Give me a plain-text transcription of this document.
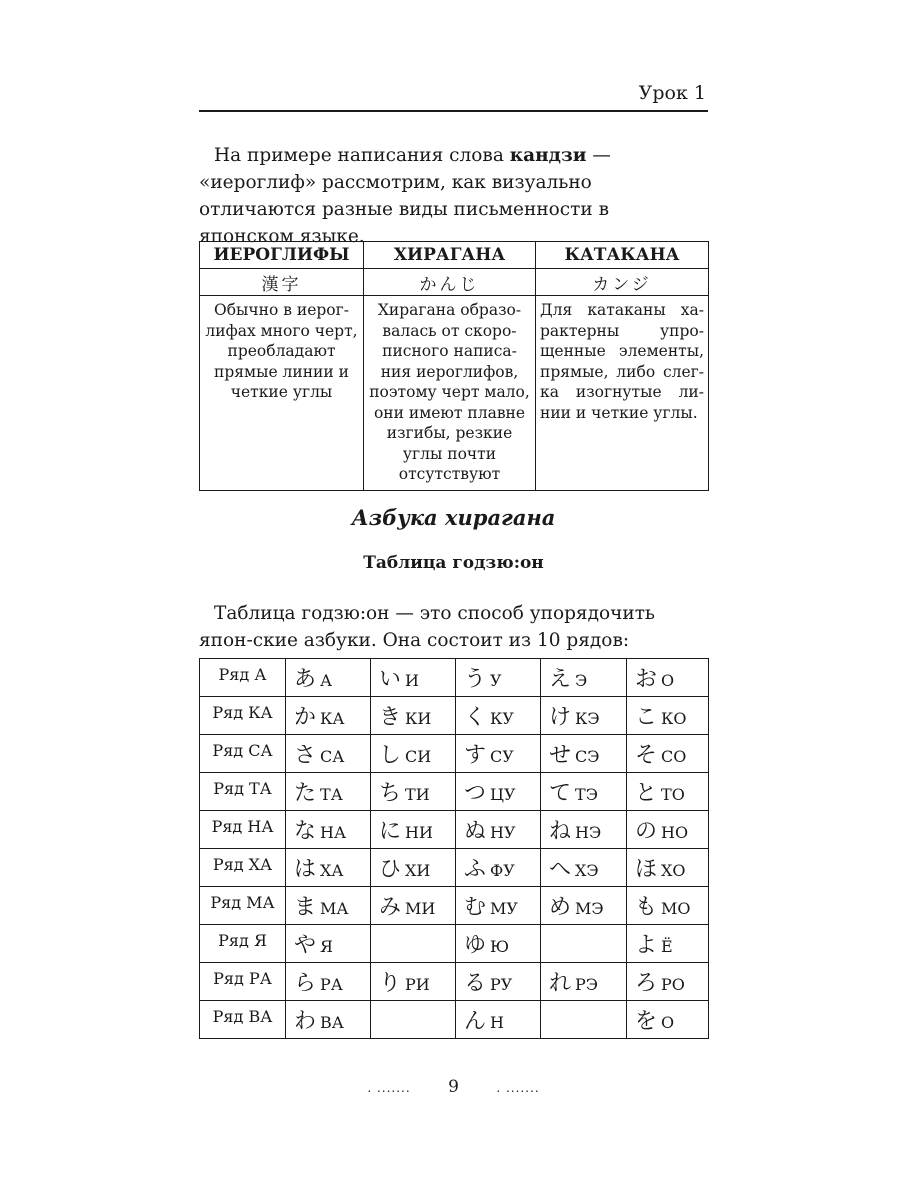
Урок 1

На примере написания слова кандзи — «иероглиф» рассмотрим, как визуально отличаются разные виды письменности в японском языке.

ИЕРОГЛИФЫ	ХИРАГАНА	КАТАКАНА
漢字	かんじ	カンジ
Обычно в иерог-лифах много черт, преобладают прямые линии и четкие углы	Хирагана образо-валась от скоро-писного написа-ния иероглифов, поэтому черт мало, они имеют плавне изгибы, резкие углы почти отсутствуют	Для катаканы ха-рактерны упро-щенные элементы, прямые, либо слег-ка изогнутые ли-нии и четкие углы.
Азбука хирагана
Таблица годзю:он

Таблица годзю:он — это способ упорядочить япон-ские азбуки. Она состоит из 10 рядов:

Ряд А	あ А	い И	う У	え Э	お О
Ряд КА	か КА	き КИ	く КУ	け КЭ	こ КО
Ряд СА	さ СА	し СИ	す СУ	せ СЭ	そ СО
Ряд ТА	た ТА	ち ТИ	つ ЦУ	て ТЭ	と ТО
Ряд НА	な НА	に НИ	ぬ НУ	ね НЭ	の НО
Ряд ХА	は ХА	ひ ХИ	ふ ФУ	へ ХЭ	ほ ХО
Ряд МА	ま МА	み МИ	む МУ	め МЭ	も МО
Ряд Я	や Я		ゆ Ю		よ Ё
Ряд РА	ら РА	り РИ	る РУ	れ РЭ	ろ РО
Ряд ВА	わ ВА		ん Н		を О
. ....... 9	. .......
